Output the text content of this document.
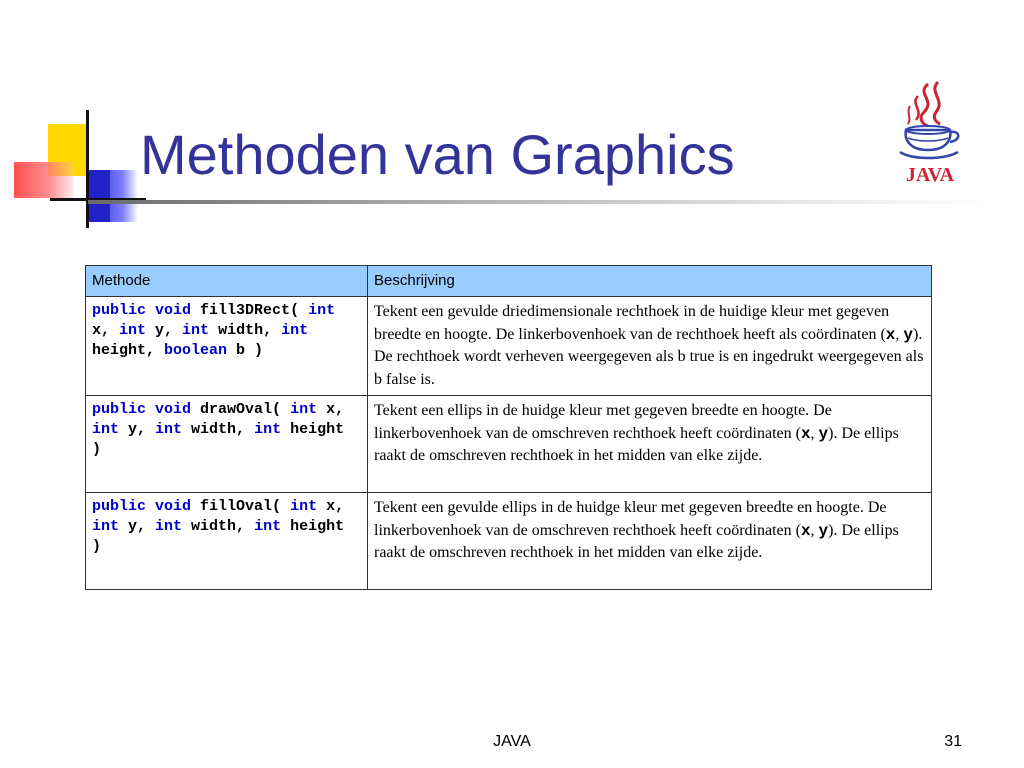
Methoden van Graphics	JAVA
Methode	Beschrijving
public void fill3DRect( int x, int y, int width, int height, boolean b )	Tekent een gevulde driedimensionale rechthoek in de huidige kleur met gegeven breedte en hoogte. De linkerbovenhoek van de rechthoek heeft als coördinaten (x, y). De rechthoek wordt verheven weergegeven als b true is en ingedrukt weergegeven als b false is.
public void drawOval( int x, int y, int width, int height )	Tekent een ellips in de huidge kleur met gegeven breedte en hoogte. De linkerbovenhoek van de omschreven rechthoek heeft coördinaten (x, y). De ellips raakt de omschreven rechthoek in het midden van elke zijde.
public void fillOval( int x, int y, int width, int height )	Tekent een gevulde ellips in de huidge kleur met gegeven breedte en hoogte. De linkerbovenhoek van de omschreven rechthoek heeft coördinaten (x, y). De ellips raakt de omschreven rechthoek in het midden van elke zijde.
JAVA	31
